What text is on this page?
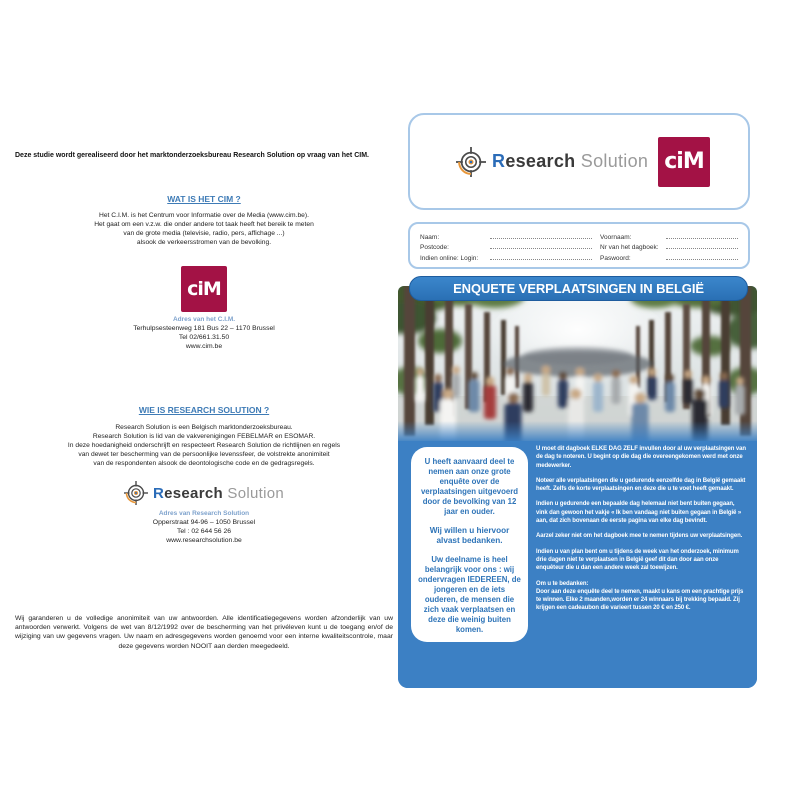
Deze studie wordt gerealiseerd door het marktonderzoeksbureau Research Solution op vraag van het CIM.
WAT IS HET CIM ?
Het C.I.M. is het Centrum voor Informatie over de Media (www.cim.be).
Het gaat om een v.z.w. die onder andere tot taak heeft het bereik te meten
van de grote media (televisie, radio, pers, affichage ...)
alsook de verkeersstromen van de bevolking.
ciM
Adres van het C.I.M.
Terhulpsesteenweg 181 Bus 22 – 1170 Brussel
Tel 02/661.31.50
www.cim.be
WIE IS RESEARCH SOLUTION ?
Research Solution is een Belgisch marktonderzoeksbureau.
Research Solution is lid van de vakverenigingen FEBELMAR en ESOMAR.
In deze hoedanigheid onderschrijft en respecteert Research Solution de richtlijnen en regels
van dewet ter bescherming van de persoonlijke levenssfeer, de volstrekte anonimiteit
van de respondenten alsook de deontologische code en de gedragsregels.
Research Solution
Adres van Research Solution
Opperstraat 94-96 – 1050 Brussel
Tel : 02 644 56 26
www.researchsolution.be
Wij garanderen u de volledige anonimiteit van uw antwoorden. Alle identificatiegegevens worden afzonderlijk van uw antwoorden verwerkt. Volgens de wet van 8/12/1992 over de bescherming van het privéleven kunt u de toegang en/of de wijziging van uw gegevens vragen. Uw naam en adresgegevens worden genoemd voor een interne kwaliteitscontrole, maar deze gegevens worden NOOIT aan derden meegedeeld.
Research Solution ciM
Naam:	Voornaam:
Postcode:	Nr van het dagboek:
Indien online: Login:	Paswoord:
ENQUETE VERPLAATSINGEN IN BELGIË
U heeft aanvaard deel te nemen aan onze grote enquête over de verplaatsingen uitgevoerd door de bevolking van 12 jaar en ouder.
Wij willen u hiervoor alvast bedanken.
Uw deelname is heel belangrijk voor ons : wij ondervragen IEDEREEN, de jongeren en de iets ouderen, de mensen die zich vaak verplaatsen en deze die weinig buiten komen.
U moet dit dagboek ELKE DAG ZELF invullen door al uw verplaatsingen van de dag te noteren. U begint op die dag die overeengekomen werd met onze medewerker.
Noteer alle verplaatsingen die u gedurende eenzelfde dag in België gemaakt heeft. Zelfs de korte verplaatsingen en deze die u te voet heeft gemaakt.
Indien u gedurende een bepaalde dag helemaal niet bent buiten gegaan, vink dan gewoon het vakje « Ik ben vandaag niet buiten gegaan in België » aan, dat zich bovenaan de eerste pagina van elke dag bevindt.
Aarzel zeker niet om het dagboek mee te nemen tijdens uw verplaatsingen.
Indien u van plan bent om u tijdens de week van het onderzoek, minimum drie dagen niet te verplaatsen in België geef dit dan door aan onze enquêteur die u dan een andere week zal toewijzen.
Om u te bedanken:
Door aan deze enquête deel te nemen, maakt u kans om een prachtige prijs te winnen. Elke 2 maanden,worden er 24 winnaars bij trekking bepaald. Zij krijgen een cadeaubon die varieert tussen 20 € en 250 €.
